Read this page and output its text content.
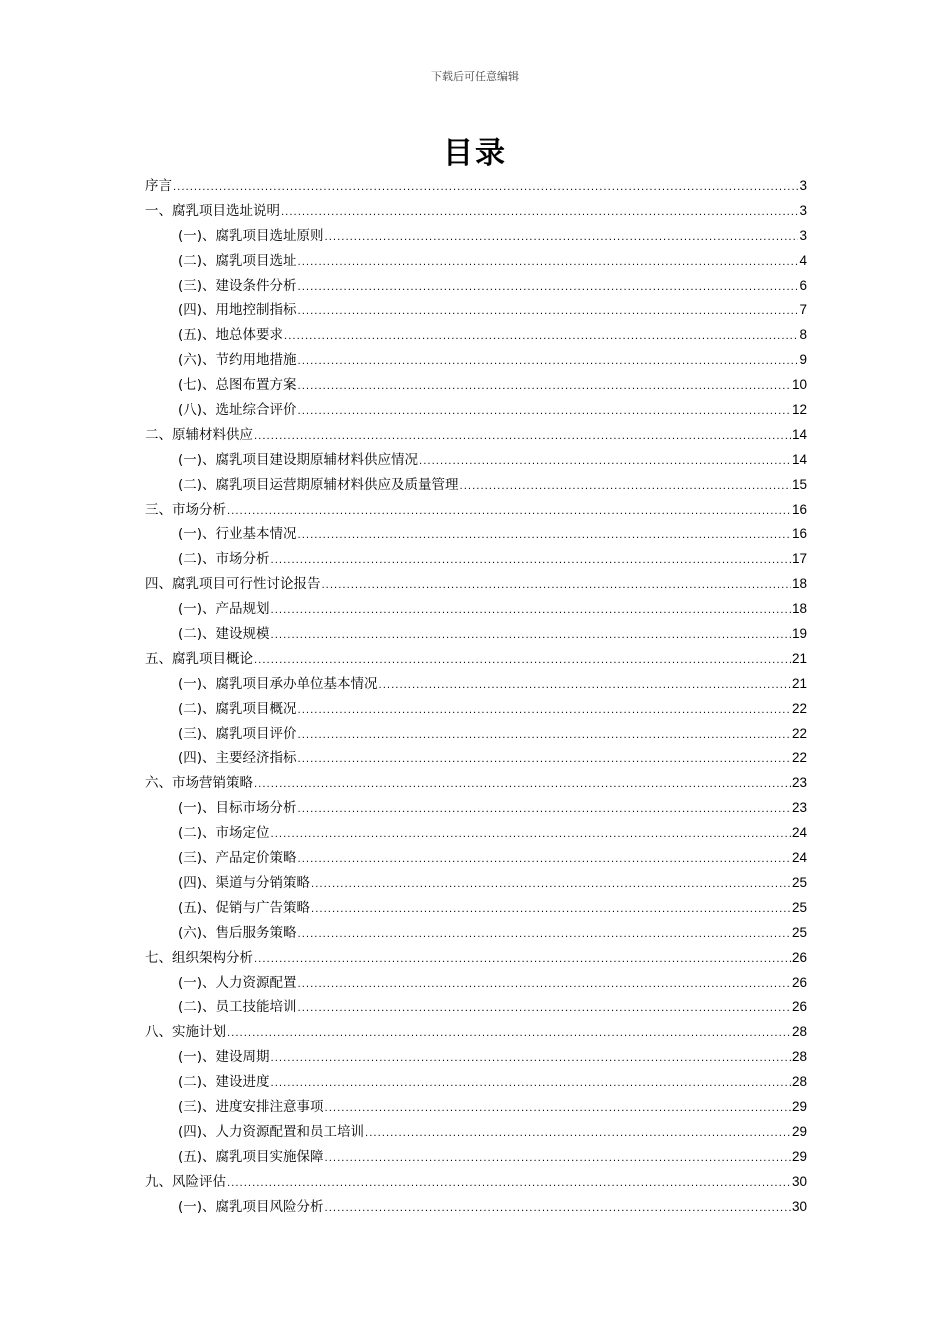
下载后可任意编辑
目录
序言 .....	3
一、腐乳项目选址说明 .....	3
(一)、腐乳项目选址原则 .....	3
(二)、腐乳项目选址 .....	4
(三)、建设条件分析 .....	6
(四)、用地控制指标 .....	7
(五)、地总体要求 .....	8
(六)、节约用地措施 .....	9
(七)、总图布置方案 .....	10
(八)、选址综合评价 .....	12
二、原辅材料供应 .....	14
(一)、腐乳项目建设期原辅材料供应情况 .....	14
(二)、腐乳项目运营期原辅材料供应及质量管理 .....	15
三、市场分析 .....	16
(一)、行业基本情况 .....	16
(二)、市场分析 .....	17
四、腐乳项目可行性讨论报告 .....	18
(一)、产品规划 .....	18
(二)、建设规模 .....	19
五、腐乳项目概论 .....	21
(一)、腐乳项目承办单位基本情况 .....	21
(二)、腐乳项目概况 .....	22
(三)、腐乳项目评价 .....	22
(四)、主要经济指标 .....	22
六、市场营销策略 .....	23
(一)、目标市场分析 .....	23
(二)、市场定位 .....	24
(三)、产品定价策略 .....	24
(四)、渠道与分销策略 .....	25
(五)、促销与广告策略 .....	25
(六)、售后服务策略 .....	25
七、组织架构分析 .....	26
(一)、人力资源配置 .....	26
(二)、员工技能培训 .....	26
八、实施计划 .....	28
(一)、建设周期 .....	28
(二)、建设进度 .....	28
(三)、进度安排注意事项 .....	29
(四)、人力资源配置和员工培训 .....	29
(五)、腐乳项目实施保障 .....	29
九、风险评估 .....	30
(一)、腐乳项目风险分析 .....	30
